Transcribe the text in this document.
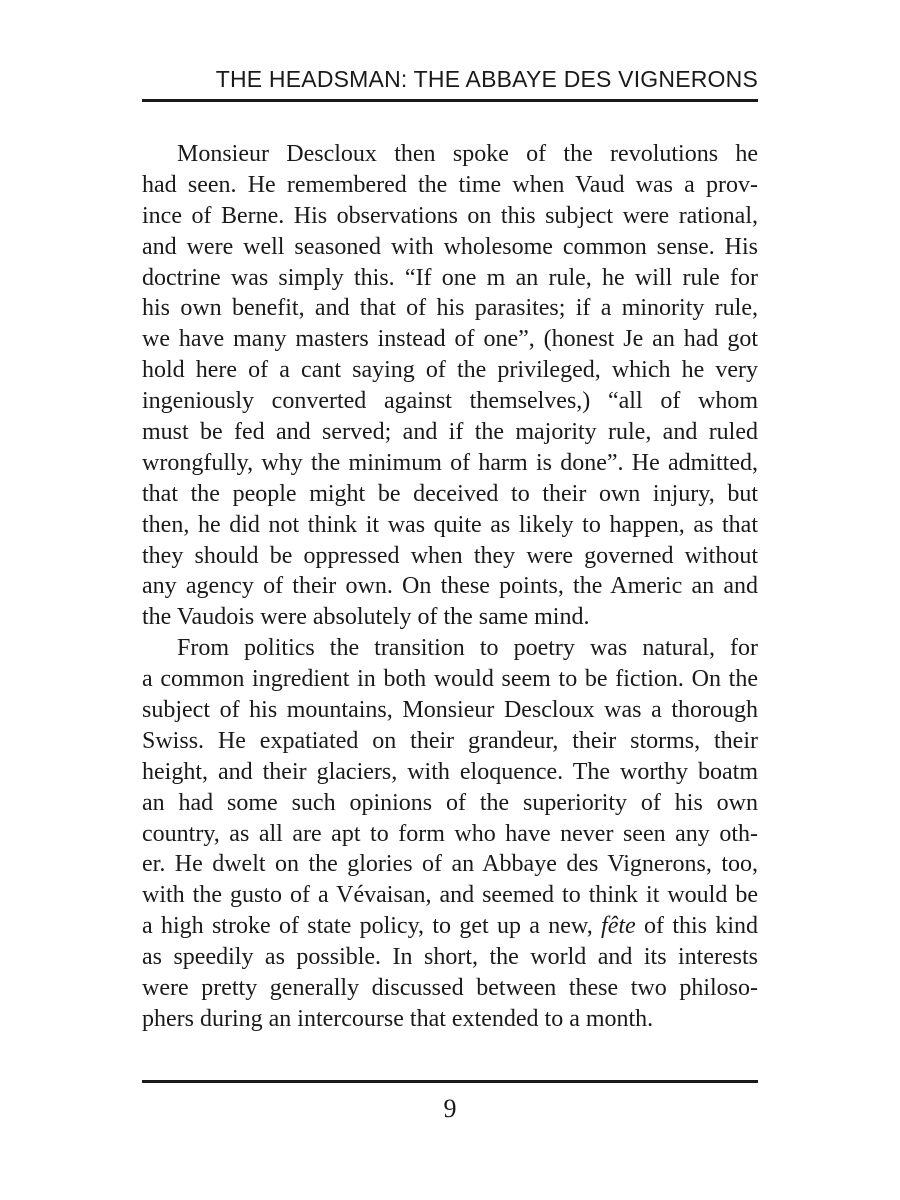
THE HEADSMAN: THE ABBAYE DES VIGNERONS
Monsieur Descloux then spoke of the revolutions he
had seen. He remembered the time when Vaud was a prov-
ince of Berne. His observations on this subject were rational,
and were well seasoned with wholesome common sense. His
doctrine was simply this. “If one m an rule, he will rule for
his own benefit, and that of his parasites; if a minority rule,
we have many masters instead of one”, (honest Je an had got
hold here of a cant saying of the privileged, which he very
ingeniously converted against themselves,) “all of whom
must be fed and served; and if the majority rule, and ruled
wrongfully, why the minimum of harm is done”. He admitted,
that the people might be deceived to their own injury, but
then, he did not think it was quite as likely to happen, as that
they should be oppressed when they were governed without
any agency of their own. On these points, the Americ an and
the Vaudois were absolutely of the same mind.
From politics the transition to poetry was natural, for
a common ingredient in both would seem to be fiction. On the
subject of his mountains, Monsieur Descloux was a thorough
Swiss. He expatiated on their grandeur, their storms, their
height, and their glaciers, with eloquence. The worthy boatm
an had some such opinions of the superiority of his own
country, as all are apt to form who have never seen any oth-
er. He dwelt on the glories of an Abbaye des Vignerons, too,
with the gusto of a Vévaisan, and seemed to think it would be
a high stroke of state policy, to get up a new, fête of this kind
as speedily as possible. In short, the world and its interests
were pretty generally discussed between these two philoso-
phers during an intercourse that extended to a month.
9
